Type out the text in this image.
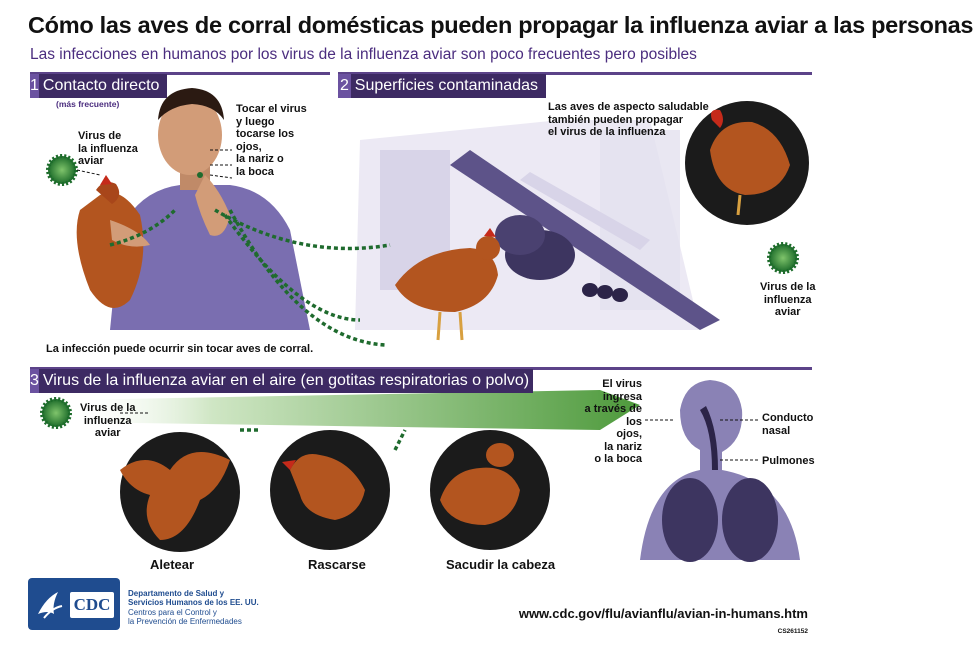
Cómo las aves de corral domésticas pueden propagar la influenza aviar a las personas
Las infecciones en humanos por los virus de la influenza aviar son poco frecuentes pero posibles
1 Contacto directo
(más frecuente)
2 Superficies contaminadas
3 Virus de la influenza aviar en el aire (en gotitas respiratorias o polvo)
Virus de
la influenza
aviar
Tocar el virus
y luego
tocarse los
ojos,
la nariz o
la boca
La infección puede ocurrir sin tocar aves de corral.
Las aves de aspecto saludable
también pueden propagar
el virus de la influenza
Virus de la
influenza
aviar
Virus de la
influenza
aviar
El virus ingresa
a través de los
ojos,
la nariz
o la boca
Conducto
nasal
Pulmones
Aletear	Rascarse	Sacudir la cabeza
CDC
Departamento de Salud y
Servicios Humanos de los EE. UU.
Centros para el Control y
la Prevención de Enfermedades
www.cdc.gov/flu/avianflu/avian-in-humans.htm
CS261152
